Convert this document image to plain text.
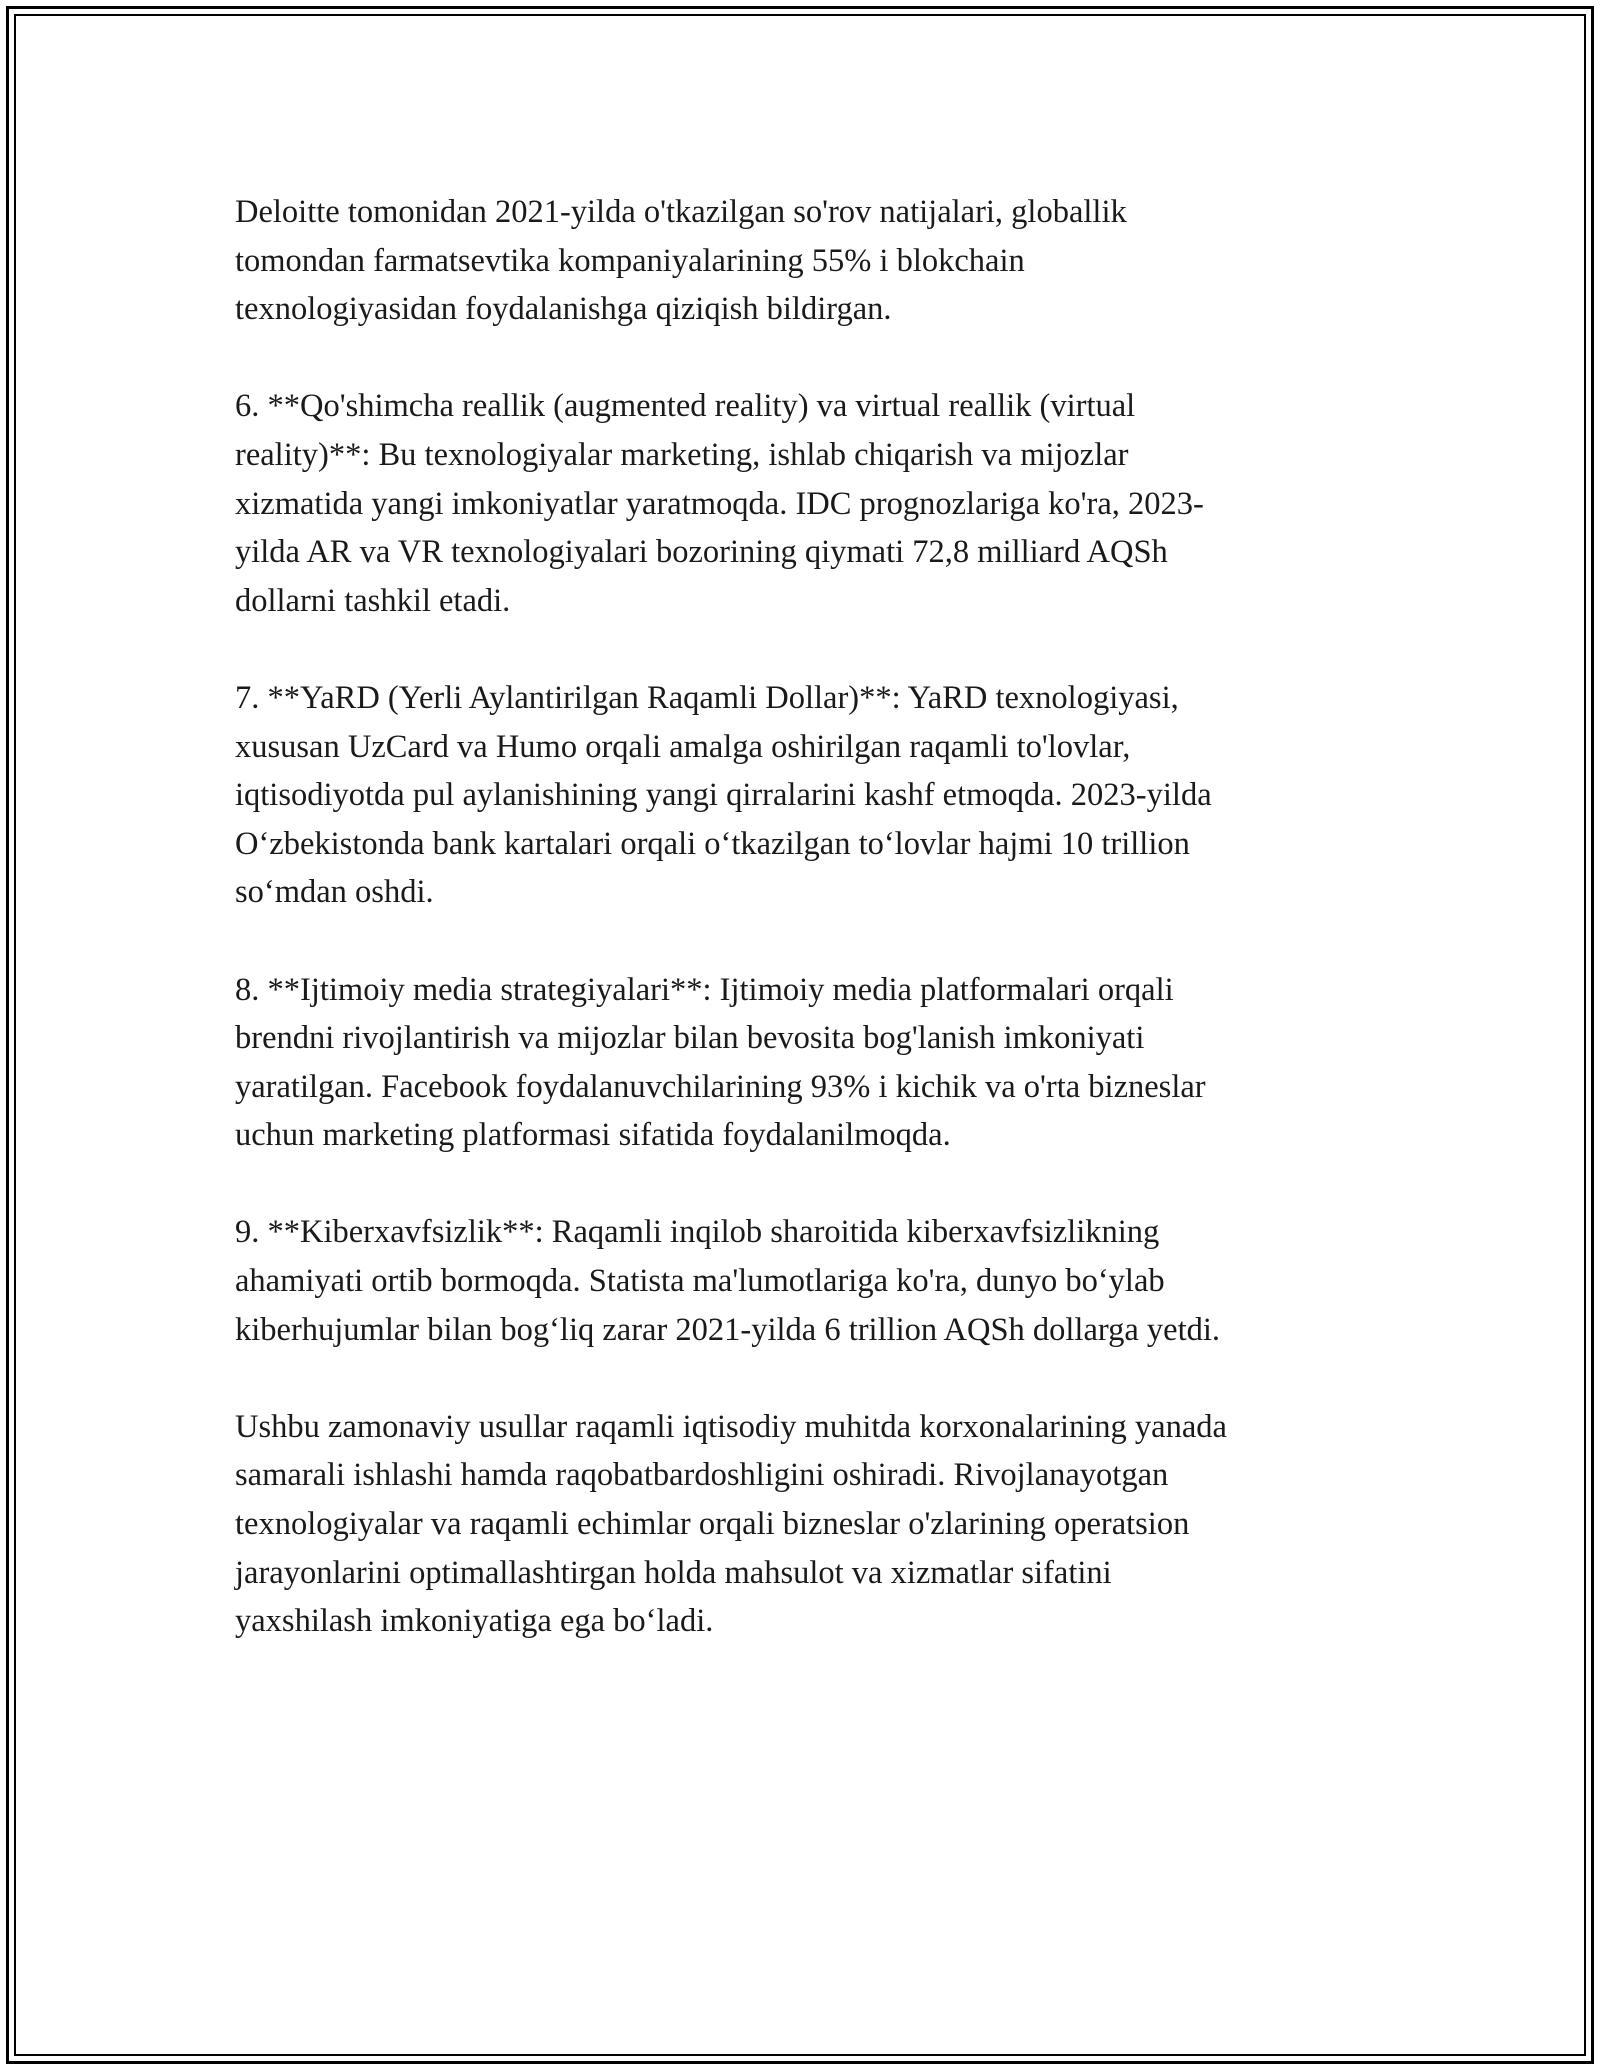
Deloitte tomonidan 2021-yilda o'tkazilgan so'rov natijalari, globallik
tomondan farmatsevtika kompaniyalarining 55% i blokchain
texnologiyasidan foydalanishga qiziqish bildirgan.

6. **Qo'shimcha reallik (augmented reality) va virtual reallik (virtual
reality)**: Bu texnologiyalar marketing, ishlab chiqarish va mijozlar
xizmatida yangi imkoniyatlar yaratmoqda. IDC prognozlariga ko'ra, 2023-
yilda AR va VR texnologiyalari bozorining qiymati 72,8 milliard AQSh
dollarni tashkil etadi.

7. **YaRD (Yerli Aylantirilgan Raqamli Dollar)**: YaRD texnologiyasi,
xususan UzCard va Humo orqali amalga oshirilgan raqamli to'lovlar,
iqtisodiyotda pul aylanishining yangi qirralarini kashf etmoqda. 2023-yilda
O‘zbekistonda bank kartalari orqali o‘tkazilgan to‘lovlar hajmi 10 trillion
so‘mdan oshdi.

8. **Ijtimoiy media strategiyalari**: Ijtimoiy media platformalari orqali
brendni rivojlantirish va mijozlar bilan bevosita bog'lanish imkoniyati
yaratilgan. Facebook foydalanuvchilarining 93% i kichik va o'rta bizneslar
uchun marketing platformasi sifatida foydalanilmoqda.

9. **Kiberxavfsizlik**: Raqamli inqilob sharoitida kiberxavfsizlikning
ahamiyati ortib bormoqda. Statista ma'lumotlariga ko'ra, dunyo bo‘ylab
kiberhujumlar bilan bog‘liq zarar 2021-yilda 6 trillion AQSh dollarga yetdi.

Ushbu zamonaviy usullar raqamli iqtisodiy muhitda korxonalarining yanada
samarali ishlashi hamda raqobatbardoshligini oshiradi. Rivojlanayotgan
texnologiyalar va raqamli echimlar orqali bizneslar o'zlarining operatsion
jarayonlarini optimallashtirgan holda mahsulot va xizmatlar sifatini
yaxshilash imkoniyatiga ega bo‘ladi.
